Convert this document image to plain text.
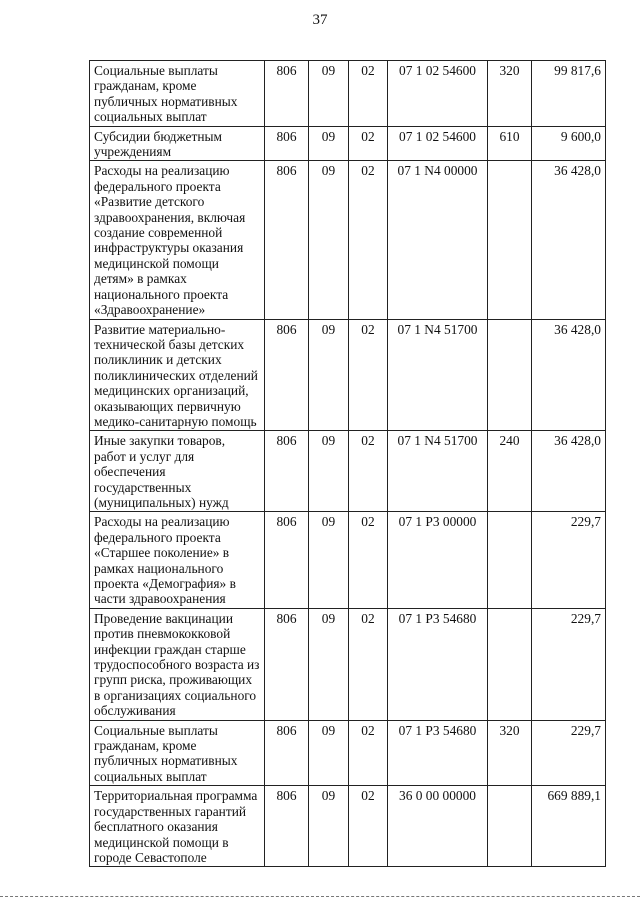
37
Социальные выплаты гражданам, кроме публичных нормативных социальных выплат	806	09	02	07 1 02 54600	320	99 817,6
Субсидии бюджетным учреждениям	806	09	02	07 1 02 54600	610	9 600,0
Расходы на реализацию федерального проекта «Развитие детского здравоохранения, включая создание современной инфраструктуры оказания медицинской помощи детям» в рамках национального проекта «Здравоохранение»	806	09	02	07 1 N4 00000		36 428,0
Развитие материально-технической базы детских поликлиник и детских поликлинических отделений медицинских организаций, оказывающих первичную медико-санитарную помощь	806	09	02	07 1 N4 51700		36 428,0
Иные закупки товаров, работ и услуг для обеспечения государственных (муниципальных) нужд	806	09	02	07 1 N4 51700	240	36 428,0
Расходы на реализацию федерального проекта «Старшее поколение» в рамках национального проекта «Демография» в части здравоохранения	806	09	02	07 1 P3 00000		229,7
Проведение вакцинации против пневмококковой инфекции граждан старше трудоспособного возраста из групп риска, проживающих в организациях социального обслуживания	806	09	02	07 1 P3 54680		229,7
Социальные выплаты гражданам, кроме публичных нормативных социальных выплат	806	09	02	07 1 P3 54680	320	229,7
Территориальная программа государственных гарантий бесплатного оказания медицинской помощи в городе Севастополе	806	09	02	36 0 00 00000		669 889,1
